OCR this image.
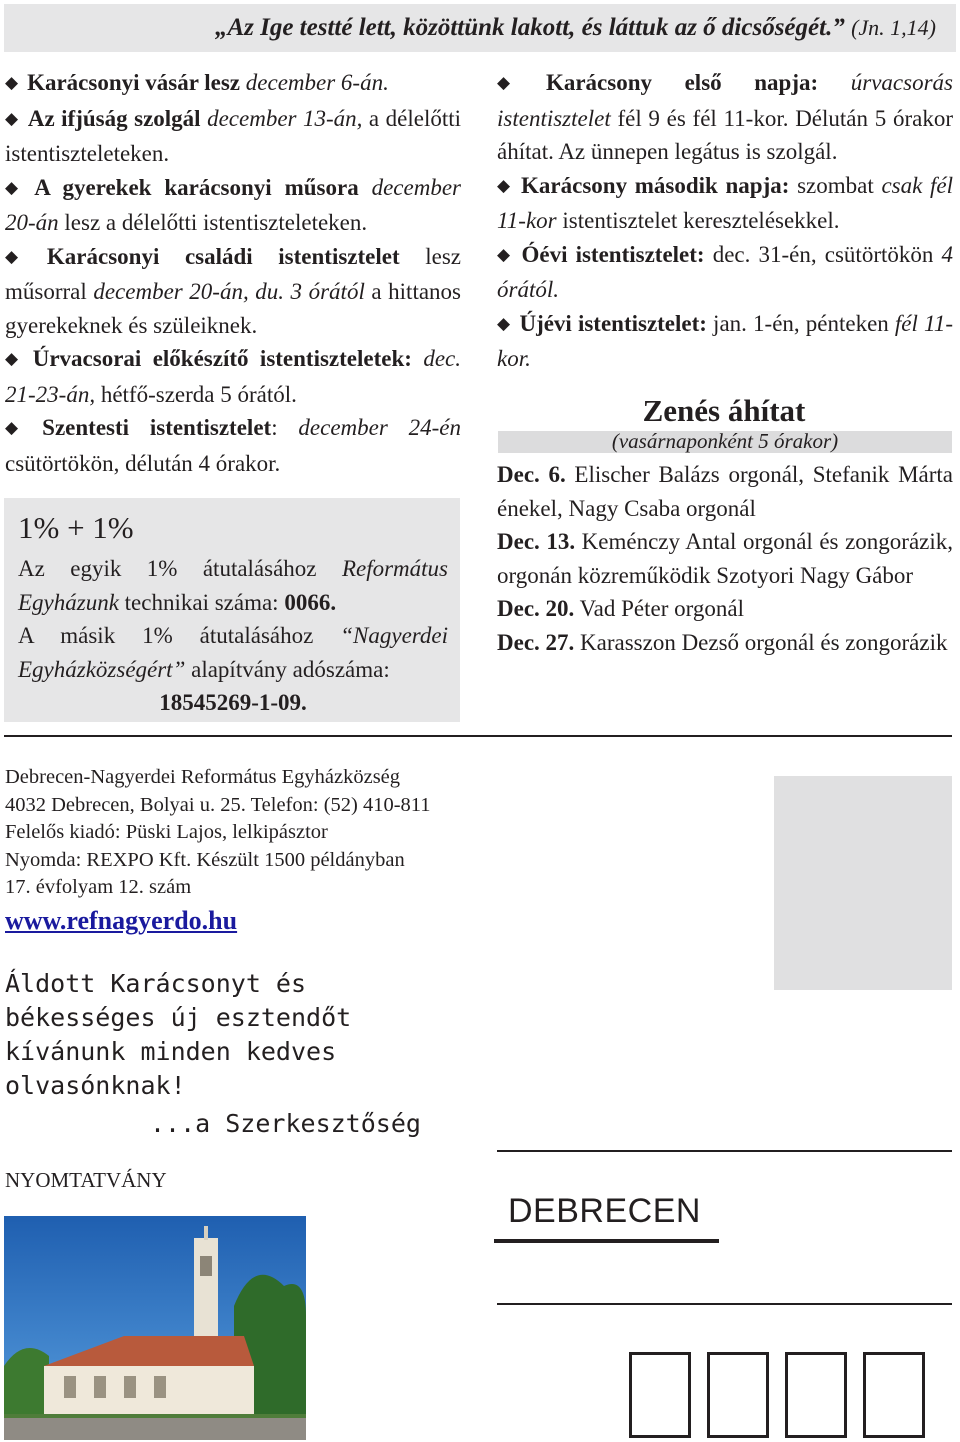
„Az Ige testté lett, közöttünk lakott, és láttuk az ő dicsőségét.” (Jn. 1,14)

◆ Karácsonyi vásár lesz december 6-án.

◆ Az ifjúság szolgál december 13-án, a délelőtti istentiszteleteken.

◆ A gyerekek karácsonyi műsora december 20-án lesz a délelőtti istentiszteleteken.

◆ Karácsonyi családi istentisztelet lesz műsorral december 20-án, du. 3 órától a hittanos gyerekeknek és szüleiknek.

◆ Úrvacsorai előkészítő istentiszteletek: dec. 21-23-án, hétfő-szerda 5 órától.

◆ Szentesti istentisztelet: december 24-én csütörtökön, délután 4 órakor.

1% + 1%

Az egyik 1% átutalásához Református Egyházunk technikai száma: 0066.

A másik 1% átutalásához “Nagyerdei Egyházközségért” alapítvány adószáma:

18545269-1-09.

◆ Karácsony első napja: úrvacsorás istentisztelet fél 9 és fél 11-kor. Délután 5 órakor áhítat. Az ünnepen legátus is szolgál.

◆ Karácsony második napja: szombat csak fél 11-kor istentisztelet keresztelésekkel.

◆ Óévi istentisztelet: dec. 31-én, csütörtökön 4 órától.

◆ Újévi istentisztelet: jan. 1-én, pénteken fél 11-kor.

Zenés áhítat
(vasárnaponként 5 órakor)

Dec. 6. Elischer Balázs orgonál, Stefanik Márta énekel, Nagy Csaba orgonál

Dec. 13. Keménczy Antal orgonál és zongorázik, orgonán közreműködik Szotyori Nagy Gábor

Dec. 20. Vad Péter orgonál

Dec. 27. Karasszon Dezső orgonál és zongorázik

Debrecen-Nagyerdei Református Egyházközség

4032 Debrecen, Bolyai u. 25. Telefon: (52) 410-811

Felelős kiadó: Püski Lajos, lelkipásztor

Nyomda: REXPO Kft. Készült 1500 példányban

17. évfolyam 12. szám

www.refnagyerdo.hu
Áldott Karácsonyt és
békességes új esztendőt
kívánunk minden kedves
olvasónknak!
...a Szerkesztőség
NYOMTATVÁNY
DEBRECEN
